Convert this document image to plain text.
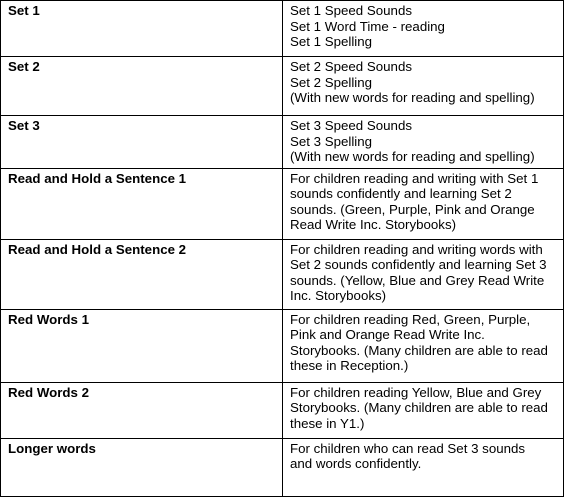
Set 1	Set 1 Speed Sounds
Set 1 Word Time - reading
Set 1 Spelling

Set 2	Set 2 Speed Sounds
Set 2 Spelling
(With new words for reading and spelling)

Set 3	Set 3 Speed Sounds
Set 3 Spelling
(With new words for reading and spelling)

Read and Hold a Sentence 1	For children reading and writing with Set 1
sounds confidently and learning Set 2
sounds. (Green, Purple, Pink and Orange
Read Write Inc. Storybooks)

Read and Hold a Sentence 2	For children reading and writing words with
Set 2 sounds confidently and learning Set 3
sounds. (Yellow, Blue and Grey Read Write
Inc. Storybooks)

Red Words 1	For children reading Red, Green, Purple,
Pink and Orange Read Write Inc.
Storybooks. (Many children are able to read
these in Reception.)

Red Words 2	For children reading Yellow, Blue and Grey
Storybooks. (Many children are able to read
these in Y1.)

Longer words	For children who can read Set 3 sounds
and words confidently.
